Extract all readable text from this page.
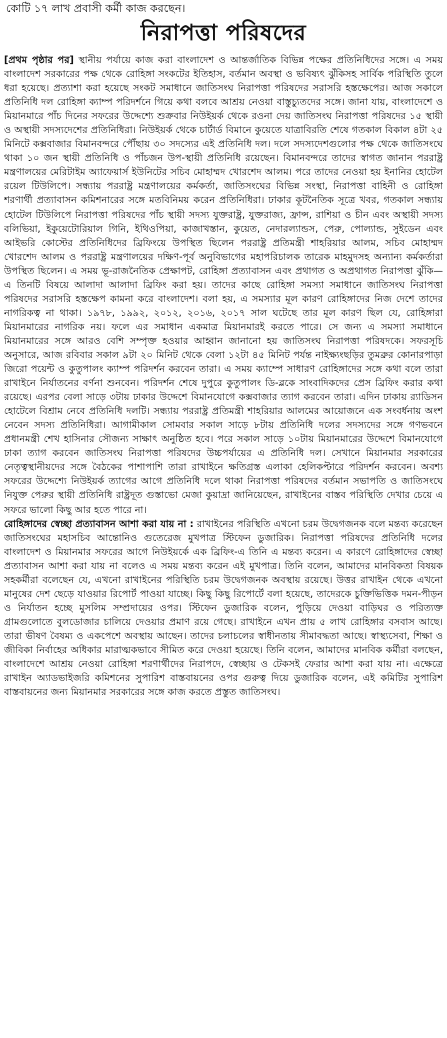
কোটি ১৭ লাখ প্রবাসী কর্মী কাজ করছেন।
নিরাপত্তা পরিষদের

[প্রথম পৃষ্ঠার পর] স্থানীয় পর্যায়ে কাজ করা বাংলাদেশ ও আন্তর্জাতিক বিভিন্ন পক্ষের প্রতিনিধিদের সঙ্গে। এ সময় বাংলাদেশ সরকারের পক্ষ থেকে রোহিঙ্গা সংকটের ইতিহাস, বর্তমান অবস্থা ও ভবিষ্যৎ ঝুঁকিসহ সার্বিক পরিস্থিতি তুলে ধরা হয়েছে। প্রত্যাশা করা হয়েছে সংকট সমাধানে জাতিসংঘ নিরাপত্তা পরিষদের সরাসরি হস্তক্ষেপের। আজ সকালে প্রতিনিধি দল রোহিঙ্গা ক্যাম্প পরিদর্শনে গিয়ে কথা বলবে আশ্রয় নেওয়া বাস্তুচ্যুতদের সঙ্গে। জানা যায়, বাংলাদেশে ও মিয়ানমারে পাঁচ দিনের সফরের উদ্দেশ্যে শুক্রবার নিউইয়র্ক থেকে রওনা দেয় জাতিসংঘ নিরাপত্তা পরিষদের ১৫ স্থায়ী ও অস্থায়ী সদস্যদেশের প্রতিনিধিরা। নিউইয়র্ক থেকে চার্টার্ড বিমানে কুয়েতে যাত্রাবিরতি শেষে গতকাল বিকাল ৪টা ২৫ মিনিটে কক্সবাজার বিমানবন্দরে পৌঁছায় ৩০ সদস্যের এই প্রতিনিধি দল। দলে সদস্যদেশগুলোর পক্ষ থেকে জাতিসংঘে থাকা ১০ জন স্থায়ী প্রতিনিধি ও পাঁচজন উপ-স্থায়ী প্রতিনিধি রয়েছেন। বিমানবন্দরে তাদের স্বাগত জানান পররাষ্ট্র মন্ত্রণালয়ের মেরিটাইম অ্যাফেয়ার্স ইউনিটের সচিব মোহাম্মদ খোরশেদ আলম। পরে তাদের নেওয়া হয় ইনানির হোটেল রয়েল টিউলিপে। সন্ধ্যায় পররাষ্ট্র মন্ত্রণালয়ের কর্মকর্তা, জাতিসংঘের বিভিন্ন সংস্থা, নিরাপত্তা বাহিনী ও রোহিঙ্গা শরণার্থী প্রত্যাবাসন কমিশনারের সঙ্গে মতবিনিময় করেন প্রতিনিধিরা। ঢাকার কূটনৈতিক সূত্রে খবর, গতকাল সন্ধ্যায় হোটেল টিউলিপে নিরাপত্তা পরিষদের পাঁচ স্থায়ী সদস্য যুক্তরাষ্ট্র, যুক্তরাজ্য, ফ্রান্স, রাশিয়া ও চীন এবং অস্থায়ী সদস্য বলিভিয়া, ইকুয়েটোরিয়াল গিনি, ইথিওপিয়া, কাজাখস্তান, কুয়েত, নেদারল্যান্ডস, পেরু, পোল্যান্ড, সুইডেন এবং আইভরি কোস্টের প্রতিনিধিদের ব্রিফিংয়ে উপস্থিত ছিলেন পররাষ্ট্র প্রতিমন্ত্রী শাহরিয়ার আলম, সচিব মোহাম্মদ খোরশেদ আলম ও পররাষ্ট্র মন্ত্রণালয়ের দক্ষিণ-পূর্ব অনুবিভাগের মহাপরিচালক তারেক মাহমুদসহ অন্যান্য কর্মকর্তারা উপস্থিত ছিলেন। এ সময় ভূ-রাজনৈতিক প্রেক্ষাপট, রোহিঙ্গা প্রত্যাবাসন এবং প্রথাগত ও অপ্রথাগত নিরাপত্তা ঝুঁকি—এ তিনটি বিষয়ে আলাদা আলাদা ব্রিফিং করা হয়। তাদের কাছে রোহিঙ্গা সমস্যা সমাধানে জাতিসংঘ নিরাপত্তা পরিষদের সরাসরি হস্তক্ষেপ কামনা করে বাংলাদেশ। বলা হয়, এ সমস্যার মূল কারণ রোহিঙ্গাদের নিজ দেশে তাদের নাগরিকত্ব না থাকা। ১৯৭৮, ১৯৯২, ২০১২, ২০১৬, ২০১৭ সাল ঘটেছে তার মূল কারণ ছিল যে, রোহিঙ্গারা মিয়ানমারের নাগরিক নয়। ফলে এর সমাধান একমাত্র মিয়ানমারই করতে পারে। সে জন্য এ সমস্যা সমাধানে মিয়ানমারের সঙ্গে আরও বেশি সম্পৃক্ত হওয়ার আহ্বান জানানো হয় জাতিসংঘ নিরাপত্তা পরিষদকে। সফরসূচি অনুসারে, আজ রবিবার সকাল ৯টা ২০ মিনিট থেকে বেলা ১২টা ৪৫ মিনিট পর্যন্ত নাইক্ষ্যংছড়ির তুমব্রুর কোনারপাড়া জিরো পয়েন্ট ও কুতুপালং ক্যাম্প পরিদর্শন করবেন তারা। এ সময় ক্যাম্পে সাধারণ রোহিঙ্গাদের সঙ্গে কথা বলে তারা রাখাইনে নির্যাতনের বর্ণনা শুনবেন। পরিদর্শন শেষে দুপুরে কুতুপালং ডি-ব্লকে সাংবাদিকদের প্রেস ব্রিফিং করার কথা রয়েছে। এরপর বেলা সাড়ে ৩টায় ঢাকার উদ্দেশে বিমানযোগে কক্সবাজার ত্যাগ করবেন তারা। এদিন ঢাকায় র‍্যাডিসন হোটেলে বিশ্রাম নেবে প্রতিনিধি দলটি। সন্ধ্যায় পররাষ্ট্র প্রতিমন্ত্রী শাহরিয়ার আলমের আয়োজনে এক সংবর্ধনায় অংশ নেবেন সদস্য প্রতিনিধিরা। আগামীকাল সোমবার সকাল সাড়ে ৮টায় প্রতিনিধি দলের সদস্যদের সঙ্গে গণভবনে প্রধানমন্ত্রী শেখ হাসিনার সৌজন্য সাক্ষাৎ অনুষ্ঠিত হবে। পরে সকাল সাড়ে ১০টায় মিয়ানমারের উদ্দেশে বিমানযোগে ঢাকা ত্যাগ করবেন জাতিসংঘ নিরাপত্তা পরিষদের উচ্চপর্যায়ের এ প্রতিনিধি দল। সেখানে মিয়ানমার সরকারের নেতৃত্বস্থানীয়দের সঙ্গে বৈঠকের পাশাপাশি তারা রাখাইনে ক্ষতিগ্রস্ত এলাকা হেলিকপ্টারে পরিদর্শন করবেন। অবশ্য সফরের উদ্দেশ্যে নিউইয়র্ক ত্যাগের আগে প্রতিনিধি দলে থাকা নিরাপত্তা পরিষদের বর্তমান সভাপতি ও জাতিসংঘে নিযুক্ত পেরুর স্থায়ী প্রতিনিধি রাষ্ট্রদূত গুস্তাভো মেজা কুয়াদ্রা জানিয়েছেন, রাখাইনের বাস্তব পরিস্থিতি দেখার চেয়ে এ সফরে ভালো কিছু আর হতে পারে না।

রোহিঙ্গাদের স্বেচ্ছা প্রত্যাবাসন আশা করা যায় না : রাখাইনের পরিস্থিতি এখনো চরম উদ্বেগজনক বলে মন্তব্য করেছেন জাতিসংঘের মহাসচিব আন্তোনিও গুতেরেজ মুখপাত্র স্টিফেন ডুজারিক। নিরাপত্তা পরিষদের প্রতিনিধি দলের বাংলাদেশ ও মিয়ানমার সফরের আগে নিউইয়র্কে এক ব্রিফিং-এ তিনি এ মন্তব্য করেন। এ কারণে রোহিঙ্গাদের স্বেচ্ছা প্রত্যাবাসন আশা করা যায় না বলেও এ সময় মন্তব্য করেন এই মুখপাত্র। তিনি বলেন, আমাদের মানবিকতা বিষয়ক সহকর্মীরা বলেছেন যে, এখনো রাখাইনের পরিস্থিতি চরম উদ্বেগজনক অবস্থায় রয়েছে। উত্তর রাখাইন থেকে এখনো মানুষের দেশ ছেড়ে যাওয়ার রিপোর্ট পাওয়া যাচ্ছে। কিছু কিছু রিপোর্টে বলা হয়েছে, তাদেরকে চুক্তিভিত্তিক দমন-পীড়ন ও নির্যাতন হচ্ছে মুসলিম সম্প্রদায়ের ওপর। স্টিফেন ডুজারিক বলেন, পুড়িয়ে দেওয়া বাড়িঘর ও পরিত্যক্ত গ্রামগুলোতে বুলডোজার চালিয়ে দেওয়ার প্রমাণ রয়ে গেছে। রাখাইনে এখন প্রায় ৫ লাখ রোহিঙ্গার বসবাস আছে। তারা ভীষণ বৈষম্য ও একপেশে অবস্থায় আছেন। তাদের চলাচলের স্বাধীনতায় সীমাবদ্ধতা আছে। স্বাস্থ্যসেবা, শিক্ষা ও জীবিকা নির্বাহের অধিকার মারাত্মকভাবে সীমিত করে দেওয়া হয়েছে। তিনি বলেন, আমাদের মানবিক কর্মীরা বলছেন, বাংলাদেশে আশ্রয় নেওয়া রোহিঙ্গা শরণার্থীদের নিরাপদে, স্বেচ্ছায় ও টেকসই ফেরার আশা করা যায় না। এক্ষেত্রে রাখাইন অ্যাডভাইজরি কমিশনের সুপারিশ বাস্তবায়নের ওপর গুরুত্ব দিয়ে ডুজারিক বলেন, এই কমিটির সুপারিশ বাস্তবায়নের জন্য মিয়ানমার সরকারের সঙ্গে কাজ করতে প্রস্তুত জাতিসংঘ।
